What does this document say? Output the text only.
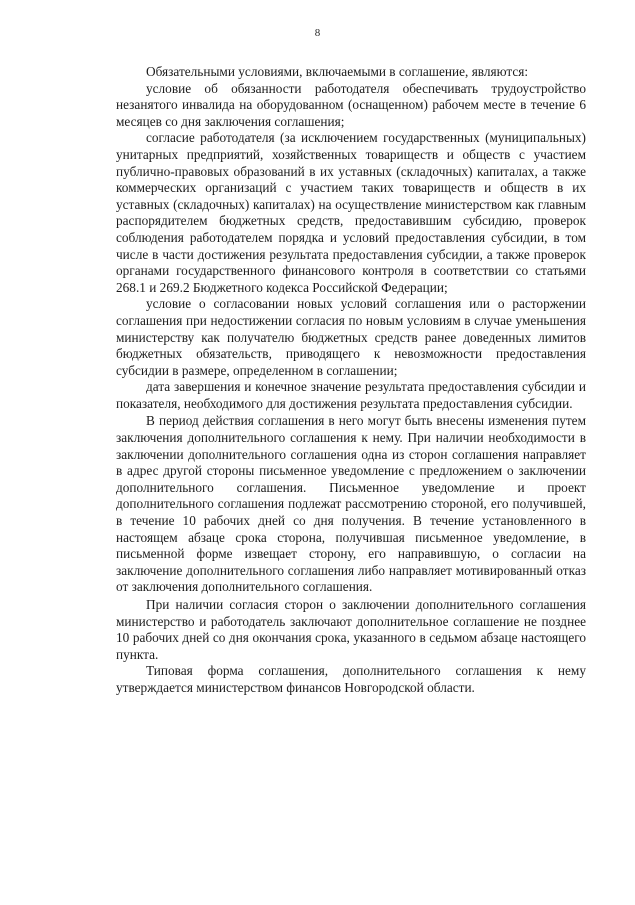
8

Обязательными условиями, включаемыми в соглашение, являются:

условие об обязанности работодателя обеспечивать трудоустройство незанятого инвалида на оборудованном (оснащенном) рабочем месте в течение 6 месяцев со дня заключения соглашения;

согласие работодателя (за исключением государственных (муниципальных) унитарных предприятий, хозяйственных товариществ и обществ с участием публично-правовых образований в их уставных (складочных) капиталах, а также коммерческих организаций с участием таких товариществ и обществ в их уставных (складочных) капиталах) на осуществление министерством как главным распорядителем бюджетных средств, предоставившим субсидию, проверок соблюдения работодателем порядка и условий предоставления субсидии, в том числе в части достижения результата предоставления субсидии, а также проверок органами государственного финансового контроля в соответствии со статьями 268.1 и 269.2 Бюджетного кодекса Российской Федерации;

условие о согласовании новых условий соглашения или о расторжении соглашения при недостижении согласия по новым условиям в случае уменьшения министерству как получателю бюджетных средств ранее доведенных лимитов бюджетных обязательств, приводящего к невозможности предоставления субсидии в размере, определенном в соглашении;

дата завершения и конечное значение результата предоставления субсидии и показателя, необходимого для достижения результата предоставления субсидии.

В период действия соглашения в него могут быть внесены изменения путем заключения дополнительного соглашения к нему. При наличии необходимости в заключении дополнительного соглашения одна из сторон соглашения направляет в адрес другой стороны письменное уведомление с предложением о заключении дополнительного соглашения. Письменное уведомление и проект дополнительного соглашения подлежат рассмотрению стороной, его получившей, в течение 10 рабочих дней со дня получения. В течение установленного в настоящем абзаце срока сторона, получившая письменное уведомление, в письменной форме извещает сторону, его направившую, о согласии на заключение дополнительного соглашения либо направляет мотивированный отказ от заключения дополнительного соглашения.

При наличии согласия сторон о заключении дополнительного соглашения министерство и работодатель заключают дополнительное соглашение не позднее 10 рабочих дней со дня окончания срока, указанного в седьмом абзаце настоящего пункта.

Типовая форма соглашения, дополнительного соглашения к нему утверждается министерством финансов Новгородской области.
